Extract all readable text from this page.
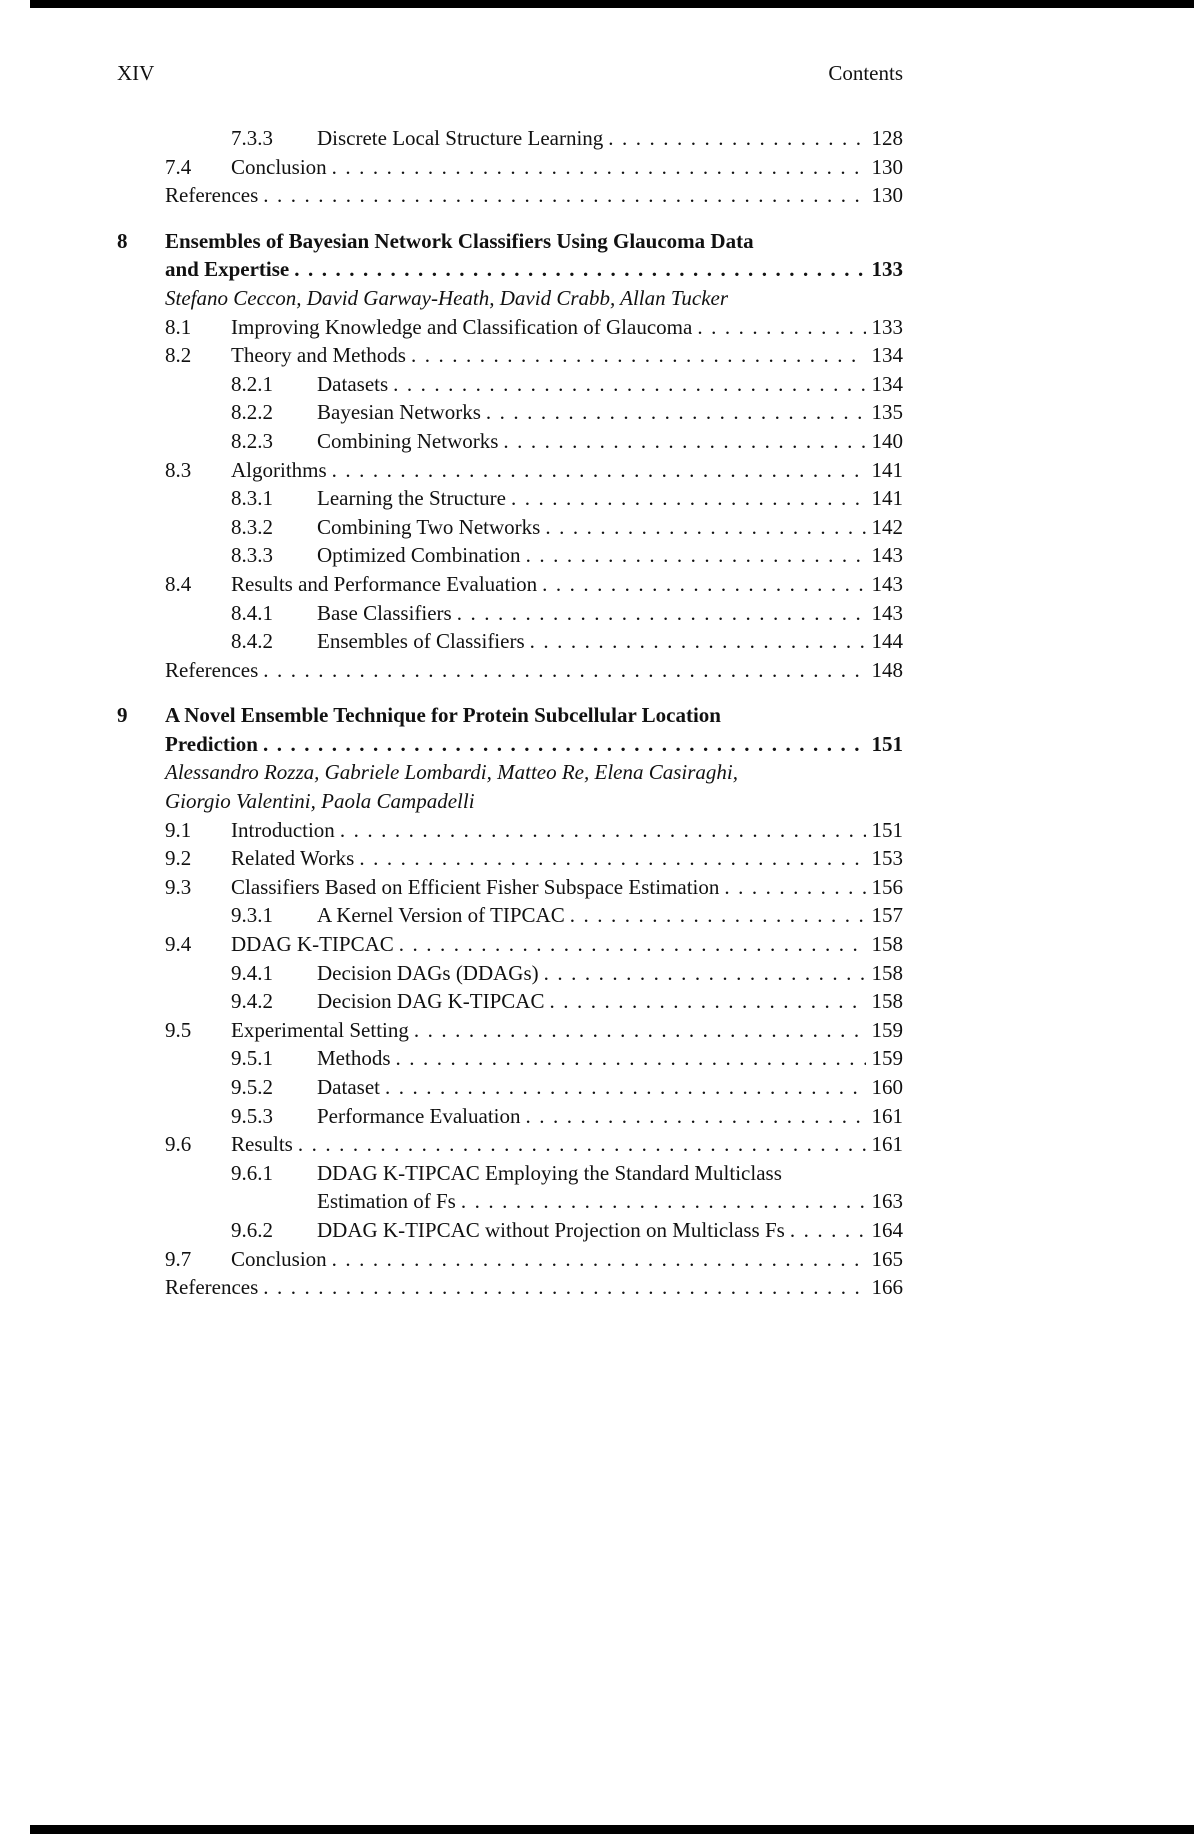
XIV	Contents
7.3.3 Discrete Local Structure Learning .....	128
7.4 Conclusion .....	130
References .....	130
8 Ensembles of Bayesian Network Classifiers Using Glaucoma Data
and Expertise .....	133
Stefano Ceccon, David Garway-Heath, David Crabb, Allan Tucker
8.1 Improving Knowledge and Classification of Glaucoma .....	133
8.2 Theory and Methods .....	134
8.2.1 Datasets .....	134
8.2.2 Bayesian Networks .....	135
8.2.3 Combining Networks .....	140
8.3 Algorithms .....	141
8.3.1 Learning the Structure .....	141
8.3.2 Combining Two Networks .....	142
8.3.3 Optimized Combination .....	143
8.4 Results and Performance Evaluation .....	143
8.4.1 Base Classifiers .....	143
8.4.2 Ensembles of Classifiers .....	144
References .....	148
9 A Novel Ensemble Technique for Protein Subcellular Location
Prediction .....	151
Alessandro Rozza, Gabriele Lombardi, Matteo Re, Elena Casiraghi,
Giorgio Valentini, Paola Campadelli
9.1 Introduction .....	151
9.2 Related Works .....	153
9.3 Classifiers Based on Efficient Fisher Subspace Estimation .....	156
9.3.1 A Kernel Version of TIPCAC .....	157
9.4 DDAG K-TIPCAC .....	158
9.4.1 Decision DAGs (DDAGs) .....	158
9.4.2 Decision DAG K-TIPCAC .....	158
9.5 Experimental Setting .....	159
9.5.1 Methods .....	159
9.5.2 Dataset .....	160
9.5.3 Performance Evaluation .....	161
9.6 Results .....	161
9.6.1 DDAG K-TIPCAC Employing the Standard Multiclass
Estimation of Fs .....	163
9.6.2 DDAG K-TIPCAC without Projection on Multiclass Fs .....	164
9.7 Conclusion .....	165
References .....	166
